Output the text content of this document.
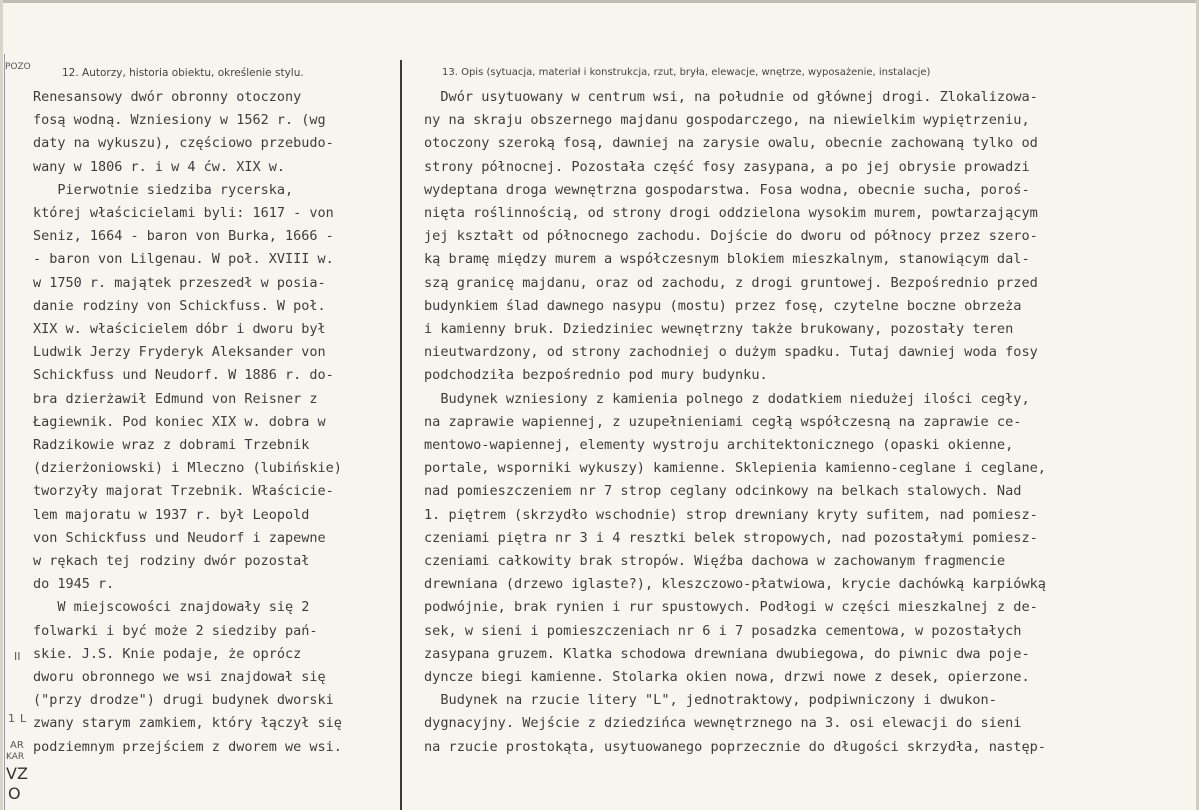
POZO
II
1 L
AR
KAR
VZ
O
12. Autorzy, historia obiektu, określenie stylu.	13. Opis (sytuacja, materiał i konstrukcja, rzut, bryła, elewacje, wnętrze, wyposażenie, instalacje)
Renesansowy dwór obronny otoczony
fosą wodną. Wzniesiony w 1562 r. (wg
daty na wykuszu), częściowo przebudo-
wany w 1806 r. i w 4 ćw. XIX w.
Pierwotnie siedziba rycerska,
której właścicielami byli: 1617 - von
Seniz, 1664 - baron von Burka, 1666 -
- baron von Lilgenau. W poł. XVIII w.
w 1750 r. majątek przeszedł w posia-
danie rodziny von Schickfuss. W poł.
XIX w. właścicielem dóbr i dworu był
Ludwik Jerzy Fryderyk Aleksander von
Schickfuss und Neudorf. W 1886 r. do-
bra dzierżawił Edmund von Reisner z
Łagiewnik. Pod koniec XIX w. dobra w
Radzikowie wraz z dobrami Trzebnik
(dzierżoniowski) i Mleczno (lubińskie)
tworzyły majorat Trzebnik. Właściciе-
lem majoratu w 1937 r. był Leopold
von Schickfuss und Neudorf i zapewne
w rękach tej rodziny dwór pozostał
do 1945 r.
W miejscowości znajdowały się 2
folwarki i być może 2 siedziby pań-
skie. J.S. Knie podaje, że oprócz
dworu obronnego we wsi znajdował się
("przy drodze") drugi budynek dworski
zwany starym zamkiem, który łączył się
podziemnym przejściem z dworem we wsi.
Dwór usytuowany w centrum wsi, na południe od głównej drogi. Zlokalizowa-
ny na skraju obszernego majdanu gospodarczego, na niewielkim wypiętrzeniu,
otoczony szeroką fosą, dawniej na zarysie owalu, obecnie zachowaną tylko od
strony północnej. Pozostała część fosy zasypana, a po jej obrysie prowadzi
wydeptana droga wewnętrzna gospodarstwa. Fosa wodna, obecnie sucha, poroś-
nięta roślinnością, od strony drogi oddzielona wysokim murem, powtarzającym
jej kształt od północnego zachodu. Dojście do dworu od północy przez szero-
ką bramę między murem a współczesnym blokiem mieszkalnym, stanowiącym dal-
szą granicę majdanu, oraz od zachodu, z drogi gruntowej. Bezpośrednio przed
budynkiem ślad dawnego nasypu (mostu) przez fosę, czytelne boczne obrzeża
i kamienny bruk. Dziedziniec wewnętrzny także brukowany, pozostały teren
nieutwardzony, od strony zachodniej o dużym spadku. Tutaj dawniej woda fosy
podchodziła bezpośrednio pod mury budynku.
Budynek wzniesiony z kamienia polnego z dodatkiem niedużej ilości cegły,
na zaprawie wapiennej, z uzupełnieniami cegłą współczesną na zaprawie ce-
mentowo-wapiennej, elementy wystroju architektonicznego (opaski okienne,
portale, wsporniki wykuszy) kamienne. Sklepienia kamienno-ceglane i ceglane,
nad pomieszczeniem nr 7 strop ceglany odcinkowy na belkach stalowych. Nad
1. piętrem (skrzydło wschodnie) strop drewniany kryty sufitem, nad pomiesz-
czeniami piętra nr 3 i 4 resztki belek stropowych, nad pozostałymi pomiesz-
czeniami całkowity brak stropów. Więźba dachowa w zachowanym fragmencie
drewniana (drzewo iglaste?), kleszczowo-płatwiowa, krycie dachówką karpiówką
podwójnie, brak rynien i rur spustowych. Podłogi w części mieszkalnej z de-
sek, w sieni i pomieszczeniach nr 6 i 7 posadzka cementowa, w pozostałych
zasypana gruzem. Klatka schodowa drewniana dwubiegowa, do piwnic dwa poje-
dyncze biegi kamienne. Stolarka okien nowa, drzwi nowe z desek, opierzone.
Budynek na rzucie litery "L", jednotraktowy, podpiwniczony i dwukon-
dygnacyjny. Wejście z dziedzińca wewnętrznego na 3. osi elewacji do sieni
na rzucie prostokąta, usytuowanego poprzecznie do długości skrzydła, następ-
